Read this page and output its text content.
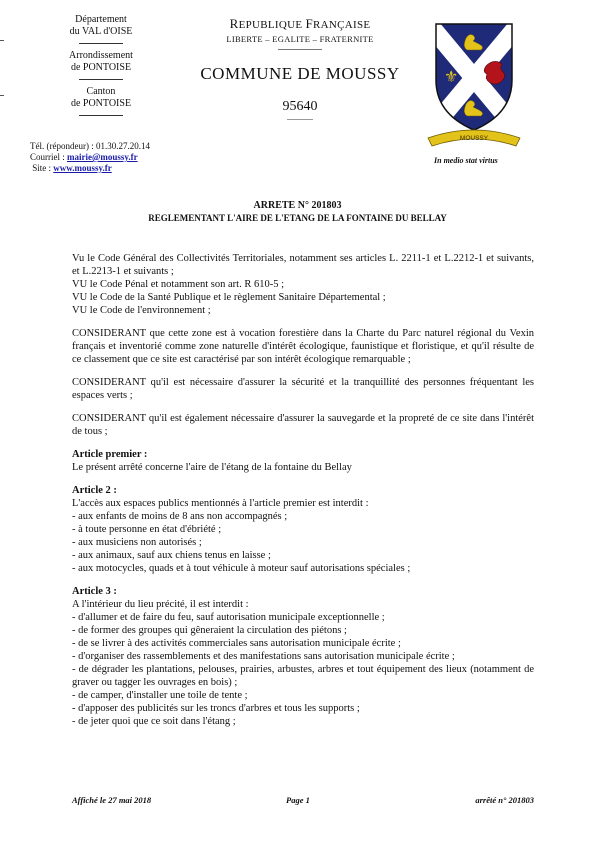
Département
du VAL d'OISE
Arrondissement
de PONTOISE
Canton
de PONTOISE
Tél. (répondeur) : 01.30.27.20.14
Courriel : mairie@moussy.fr
Site : www.moussy.fr
REPUBLIQUE FRANÇAISE
LIBERTE – EGALITE – FRATERNITE
COMMUNE DE MOUSSY
95640
⚜
MOUSSY
In medio stat virtus
ARRETE N° 201803
REGLEMENTANT L'AIRE DE L'ETANG DE LA FONTAINE DU BELLAY

Vu le Code Général des Collectivités Territoriales, notamment ses articles L. 2211-1 et L.2212-1 et suivants, et L.2213-1 et suivants ;

VU le Code Pénal et notamment son art. R 610-5 ;

VU le Code de la Santé Publique et le règlement Sanitaire Départemental ;

VU le Code de l'environnement ;

CONSIDERANT que cette zone est à vocation forestière dans la Charte du Parc naturel régional du Vexin français et inventorié comme zone naturelle d'intérêt écologique, faunistique et floristique, et qu'il résulte de ce classement que ce site est caractérisé par son intérêt écologique remarquable ;

CONSIDERANT qu'il est nécessaire d'assurer la sécurité et la tranquillité des personnes fréquentant les espaces verts ;

CONSIDERANT qu'il est également nécessaire d'assurer la sauvegarde et la propreté de ce site dans l'intérêt de tous ;

Article premier :

Le présent arrêté concerne l'aire de l'étang de la fontaine du Bellay

Article 2 :

L'accès aux espaces publics mentionnés à l'article premier est interdit :

- aux enfants de moins de 8 ans non accompagnés ;

- à toute personne en état d'ébriété ;

- aux musiciens non autorisés ;

- aux animaux, sauf aux chiens tenus en laisse ;

- aux motocycles, quads et à tout véhicule à moteur sauf autorisations spéciales ;

Article 3 :

A l'intérieur du lieu précité, il est interdit :

- d'allumer et de faire du feu, sauf autorisation municipale exceptionnelle ;

- de former des groupes qui gêneraient la circulation des piétons ;

- de se livrer à des activités commerciales sans autorisation municipale écrite ;

- d'organiser des rassemblements et des manifestations sans autorisation municipale écrite ;

- de dégrader les plantations, pelouses, prairies, arbustes, arbres et tout équipement des lieux (notamment de graver ou tagger les ouvrages en bois) ;

- de camper, d'installer une toile de tente ;

- d'apposer des publicités sur les troncs d'arbres et tous les supports ;

- de jeter quoi que ce soit dans l'étang ;

Affiché le 27 mai 2018	Page 1	arrêté n° 201803
